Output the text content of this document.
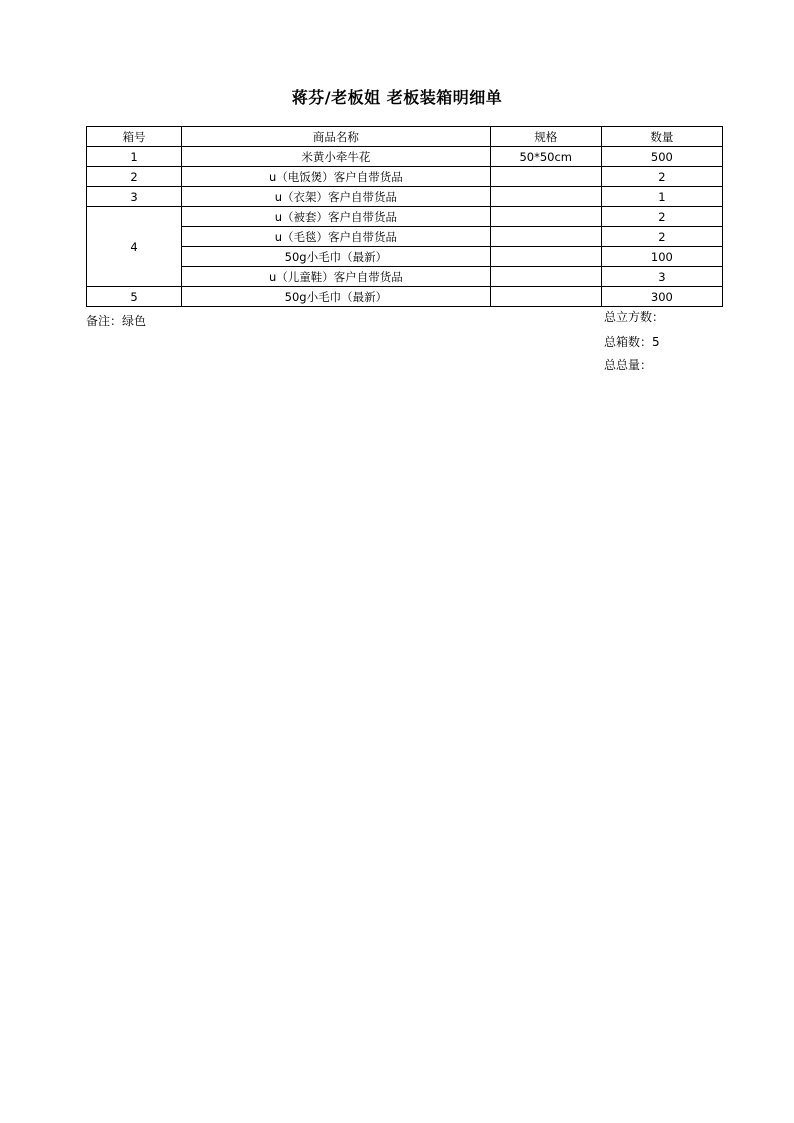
蒋芬/老板姐 老板装箱明细单
箱号	商品名称	规格	数量
1	米黄小牵牛花	50*50cm	500
2	u（电饭煲）客户自带货品		2
3	u（衣架）客户自带货品		1
4	u（被套）客户自带货品		2
	u（毛毯）客户自带货品		2
	50g小毛巾（最新）		100
	u（儿童鞋）客户自带货品		3
5	50g小毛巾（最新）		300
备注：绿色	总立方数：
总箱数：5
总总量：
